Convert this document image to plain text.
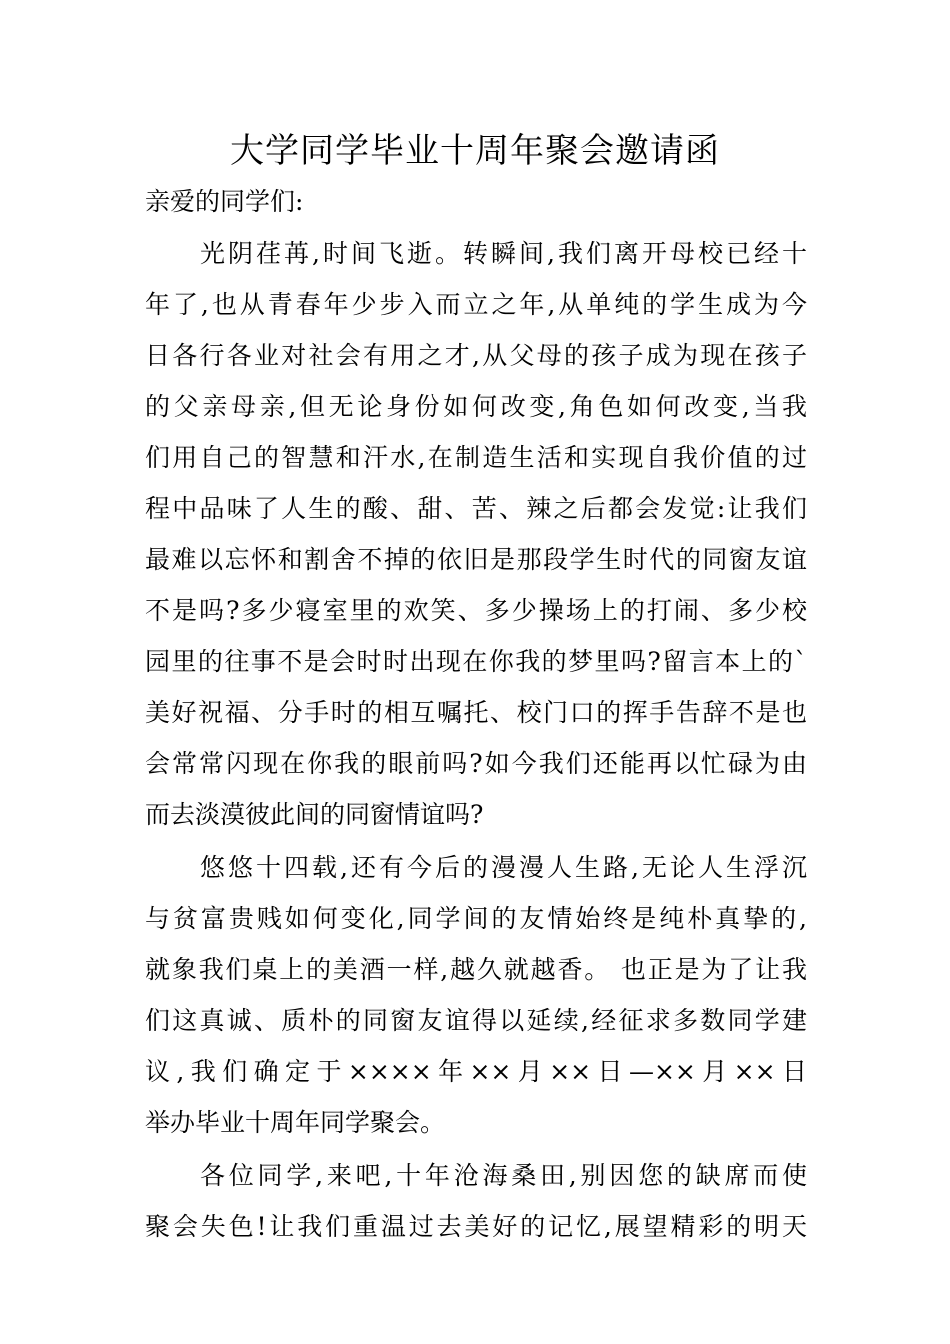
大学同学毕业十周年聚会邀请函

亲爱的同学们:

光阴荏苒,时间飞逝。转瞬间,我们离开母校已经十
年了,也从青春年少步入而立之年,从单纯的学生成为今
日各行各业对社会有用之才,从父母的孩子成为现在孩子
的父亲母亲,但无论身份如何改变,角色如何改变,当我
们用自己的智慧和汗水,在制造生活和实现自我价值的过
程中品味了人生的酸、甜、苦、辣之后都会发觉:让我们
最难以忘怀和割舍不掉的依旧是那段学生时代的同窗友谊
不是吗?多少寝室里的欢笑、多少操场上的打闹、多少校
园里的往事不是会时时出现在你我的梦里吗?留言本上的`
美好祝福、分手时的相互嘱托、校门口的挥手告辞不是也
会常常闪现在你我的眼前吗?如今我们还能再以忙碌为由
而去淡漠彼此间的同窗情谊吗?
悠悠十四载,还有今后的漫漫人生路,无论人生浮沉
与贫富贵贱如何变化,同学间的友情始终是纯朴真挚的,
就象我们桌上的美酒一样,越久就越香。 也正是为了让我
们这真诚、质朴的同窗友谊得以延续,经征求多数同学建
议,我们确定于××××年××月××日—××月××日
举办毕业十周年同学聚会。
各位同学,来吧,十年沧海桑田,别因您的缺席而使
聚会失色!让我们重温过去美好的记忆,展望精彩的明天
